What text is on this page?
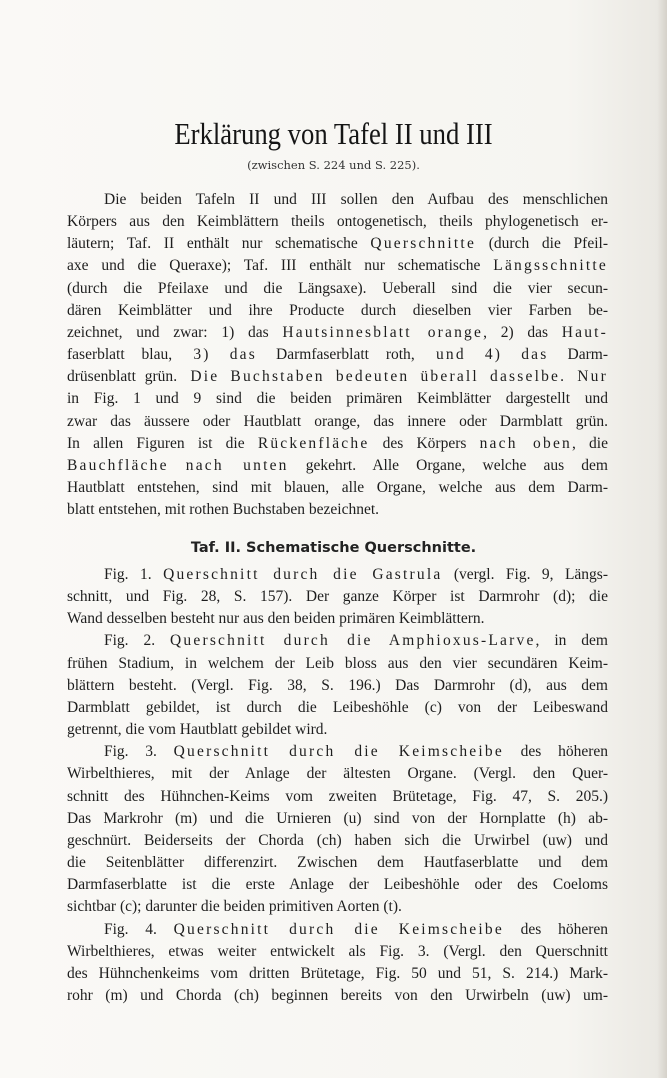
Erklärung von Tafel II und III
(zwischen S. 224 und S. 225).
Die beiden Tafeln II und III sollen den Aufbau des menschlichen
Körpers aus den Keimblättern theils ontogenetisch, theils phylogenetisch er-
läutern; Taf. II enthält nur schematische Querschnitte (durch die Pfeil-
axe und die Queraxe); Taf. III enthält nur schematische Längsschnitte
(durch die Pfeilaxe und die Längsaxe). Ueberall sind die vier secun-
dären Keimblätter und ihre Producte durch dieselben vier Farben be-
zeichnet, und zwar: 1) das Hautsinnesblatt orange, 2) das Haut-
faserblatt blau, 3) das Darmfaserblatt roth, und 4) das Darm-
drüsenblatt grün. Die Buchstaben bedeuten überall dasselbe. Nur
in Fig. 1 und 9 sind die beiden primären Keimblätter dargestellt und
zwar das äussere oder Hautblatt orange, das innere oder Darmblatt grün.
In allen Figuren ist die Rückenfläche des Körpers nach oben, die
Bauchfläche nach unten gekehrt. Alle Organe, welche aus dem
Hautblatt entstehen, sind mit blauen, alle Organe, welche aus dem Darm-
blatt entstehen, mit rothen Buchstaben bezeichnet.
Taf. II. Schematische Querschnitte.
Fig. 1. Querschnitt durch die Gastrula (vergl. Fig. 9, Längs-
schnitt, und Fig. 28, S. 157). Der ganze Körper ist Darmrohr (d); die
Wand desselben besteht nur aus den beiden primären Keimblättern.
Fig. 2. Querschnitt durch die Amphioxus-Larve, in dem
frühen Stadium, in welchem der Leib bloss aus den vier secundären Keim-
blättern besteht. (Vergl. Fig. 38, S. 196.) Das Darmrohr (d), aus dem
Darmblatt gebildet, ist durch die Leibeshöhle (c) von der Leibeswand
getrennt, die vom Hautblatt gebildet wird.
Fig. 3. Querschnitt durch die Keimscheibe des höheren
Wirbelthieres, mit der Anlage der ältesten Organe. (Vergl. den Quer-
schnitt des Hühnchen-Keims vom zweiten Brütetage, Fig. 47, S. 205.)
Das Markrohr (m) und die Urnieren (u) sind von der Hornplatte (h) ab-
geschnürt. Beiderseits der Chorda (ch) haben sich die Urwirbel (uw) und
die Seitenblätter differenzirt. Zwischen dem Hautfaserblatte und dem
Darmfaserblatte ist die erste Anlage der Leibeshöhle oder des Coeloms
sichtbar (c); darunter die beiden primitiven Aorten (t).
Fig. 4. Querschnitt durch die Keimscheibe des höheren
Wirbelthieres, etwas weiter entwickelt als Fig. 3. (Vergl. den Querschnitt
des Hühnchenkeims vom dritten Brütetage, Fig. 50 und 51, S. 214.) Mark-
rohr (m) und Chorda (ch) beginnen bereits von den Urwirbeln (uw) um-
